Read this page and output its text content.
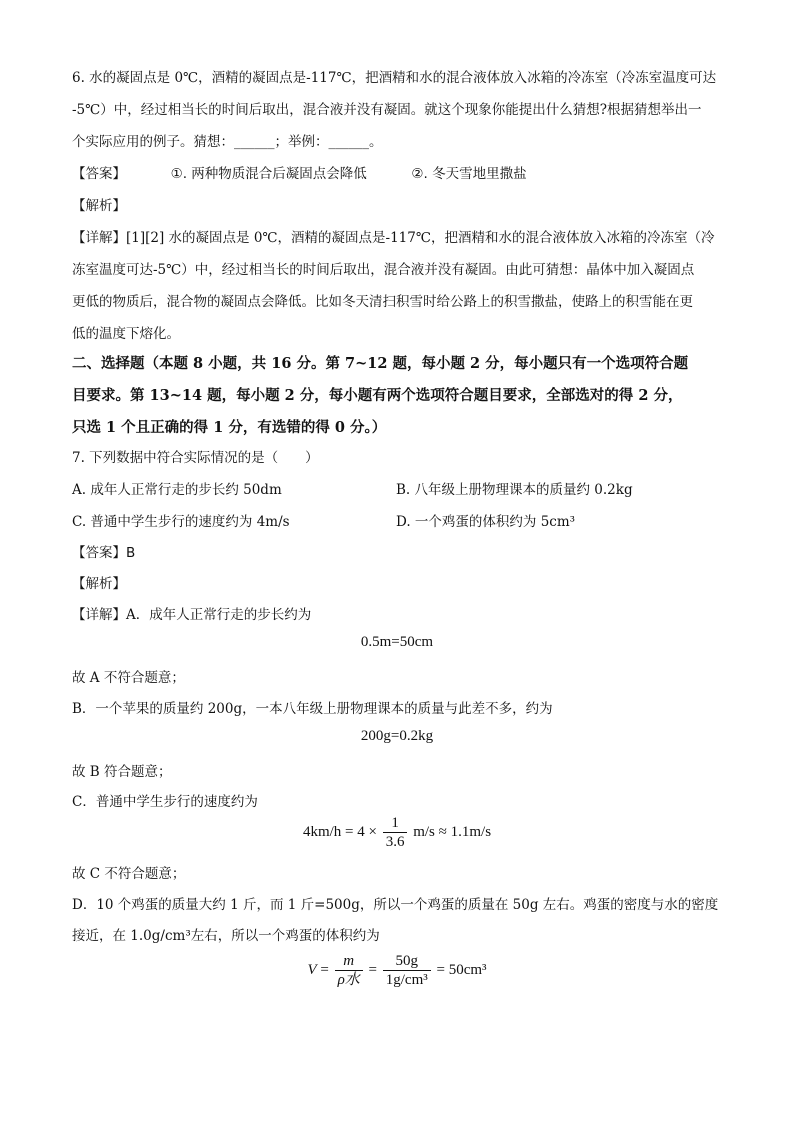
6. 水的凝固点是 0℃，酒精的凝固点是-117℃，把酒精和水的混合液体放入冰箱的冷冻室（冷冻室温度可达
-5℃）中，经过相当长的时间后取出，混合液并没有凝固。就这个现象你能提出什么猜想?根据猜想举出一
个实际应用的例子。猜想：______；举例：______。
【答案】	①. 两种物质混合后凝固点会降低	②. 冬天雪地里撒盐
【解析】
【详解】[1][2] 水的凝固点是 0℃，酒精的凝固点是-117℃，把酒精和水的混合液体放入冰箱的冷冻室（冷
冻室温度可达-5℃）中，经过相当长的时间后取出，混合液并没有凝固。由此可猜想：晶体中加入凝固点
更低的物质后，混合物的凝固点会降低。比如冬天清扫积雪时给公路上的积雪撒盐，使路上的积雪能在更
低的温度下熔化。
二、选择题（本题 8 小题，共 16 分。第 7~12 题，每小题 2 分，每小题只有一个选项符合题
目要求。第 13~14 题，每小题 2 分，每小题有两个选项符合题目要求，全部选对的得 2 分，
只选 1 个且正确的得 1 分，有选错的得 0 分。）
7. 下列数据中符合实际情况的是（　　）
A. 成年人正常行走的步长约 50dm	B. 八年级上册物理课本的质量约 0.2kg
C. 普通中学生步行的速度约为 4m/s	D. 一个鸡蛋的体积约为 5cm³
【答案】B
【解析】
【详解】A．成年人正常行走的步长约为
0.5m=50cm
故 A 不符合题意；
B．一个苹果的质量约 200g，一本八年级上册物理课本的质量与此差不多，约为
200g=0.2kg
故 B 符合题意；
C．普通中学生步行的速度约为
$4km/h = 4 \times \frac{1}{3.6} m/s \approx 1.1m/s$
故 C 不符合题意；
D．10 个鸡蛋的质量大约 1 斤，而 1 斤=500g，所以一个鸡蛋的质量在 50g 左右。鸡蛋的密度与水的密度
接近，在 1.0g/cm³左右，所以一个鸡蛋的体积约为
$V = \frac{m}{\text{ρ水}} = \frac{50g}{\text{1g/cm³}} = 50cm^3$
